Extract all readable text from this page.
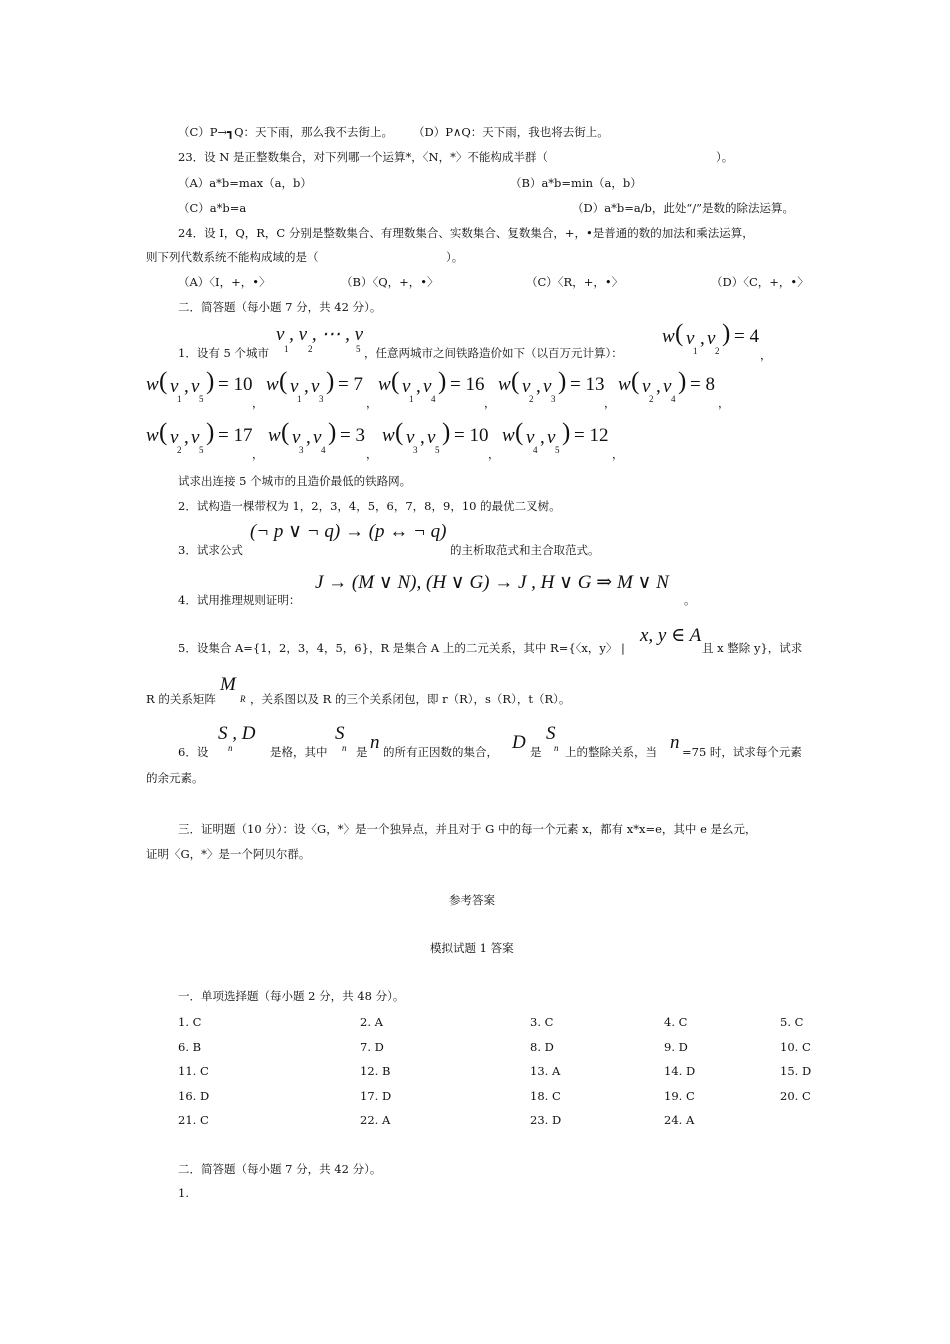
（C）P→┓Q：天下雨，那么我不去街上。 （D）P∧Q：天下雨，我也将去街上。
23．设 N 是正整数集合，对下列哪一个运算*，〈N，*〉不能构成半群（	）。
（A）a*b=max（a，b）	（B）a*b=min（a，b）
（C）a*b=a	（D）a*b=a/b，此处“/”是数的除法运算。
24．设 I，Q，R，C 分别是整数集合、有理数集合、实数集合、复数集合，+，•是普通的数的加法和乘法运算，
则下列代数系统不能构成域的是（	）。
（A）〈I，+，•〉	（B）〈Q，+，•〉	（C）〈R，+，•〉	（D）〈C，+，•〉
二．简答题（每小题 7 分，共 42 分）。
1．设有 5 个城市
v , v , ⋯ , v
1 2	5 ，任意两城市之间铁路造价如下（以百万元计算）：
w ( v
1
, v
2
) = 4
，
w ( v
1
, v
5
) = 10
，
w ( v
1
, v
3
) = 7
，
w ( v
1
, v
4
) = 16
，
w ( v
2
, v
3
) = 13
，
w ( v
2
, v
4
) = 8
，
w ( v
2
, v
5
) = 17
，
w ( v
3
, v
4
) = 3
，
w ( v
3
, v
5
) = 10
，
w ( v
4
, v
5
) = 12
，
试求出连接 5 个城市的且造价最低的铁路网。
2．试构造一棵带权为 1，2，3，4，5，6，7，8，9，10 的最优二叉树。
3．试求公式
(¬ p ∨ ¬ q) → (p ↔ ¬ q)
的主析取范式和主合取范式。
4．试用推理规则证明：
J → (M ∨ N), (H ∨ G) → J , H ∨ G ⇒ M ∨ N
。
5．设集合 A={1，2，3，4，5，6}，R 是集合 A 上的二元关系，其中 R={〈x，y〉 |
x, y ∈ A
且 x 整除 y}，试求
R 的关系矩阵
M
R ，关系图以及 R 的三个关系闭包，即 r（R），s（R），t（R）。
6．设
S , D
n	是格，其中
S
n 是 n 的所有正因数的集合， D 是
S
n 上的整除关系，当 n =75 时，试求每个元素
的余元素。
三．证明题（10 分）：设〈G，*〉是一个独异点，并且对于 G 中的每一个元素 x，都有 x*x=e，其中 e 是幺元，
证明〈G，*〉是一个阿贝尔群。
参考答案
模拟试题 1 答案
一．单项选择题（每小题 2 分，共 48 分）。
1. C	2. A	3. C	4. C	5. C
6. B	7. D	8. D	9. D	10. C
11. C	12. B	13. A	14. D	15. D
16. D	17. D	18. C	19. C	20. C
21. C	22. A	23. D	24. A
二．简答题（每小题 7 分，共 42 分）。
1.
